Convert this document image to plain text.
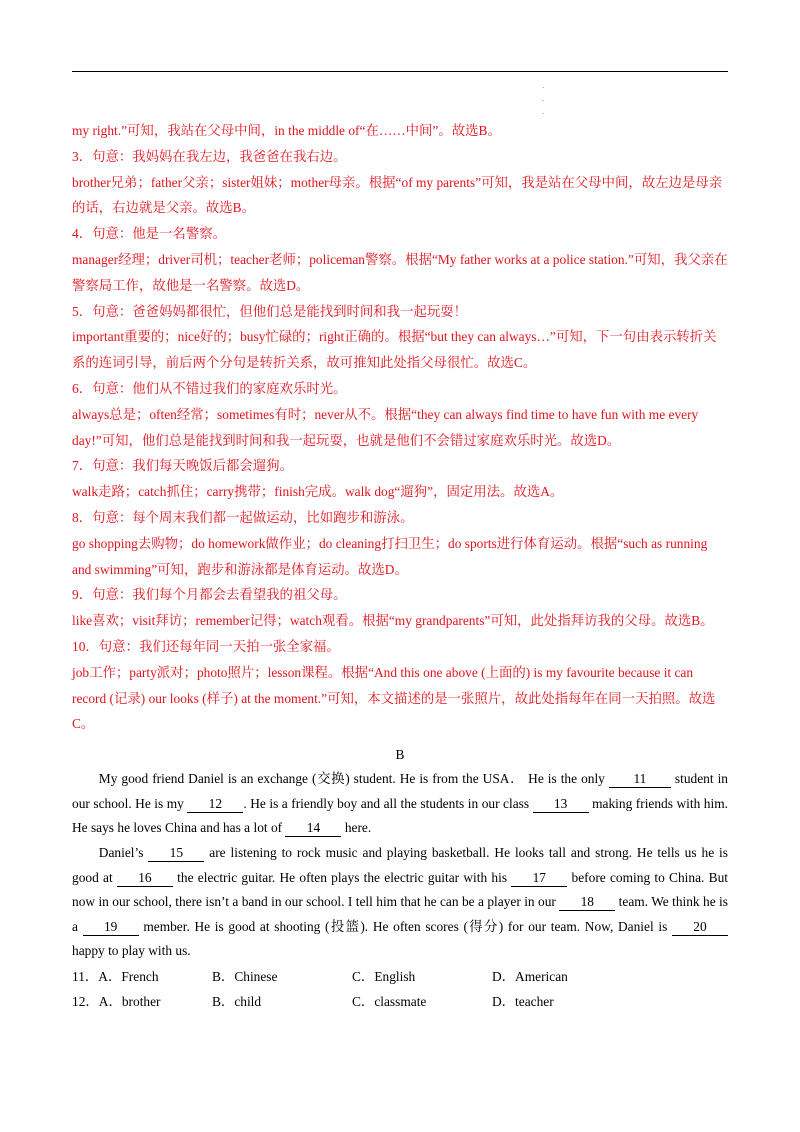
·
·
·

my right.”可知，我站在父母中间，in the middle of“在……中间”。故选B。

3．句意：我妈妈在我左边，我爸爸在我右边。

brother兄弟；father父亲；sister姐妹；mother母亲。根据“of my parents”可知，我是站在父母中间，故左边是母亲的话，右边就是父亲。故选B。

4．句意：他是一名警察。

manager经理；driver司机；teacher老师；policeman警察。根据“My father works at a police station.”可知，我父亲在警察局工作，故他是一名警察。故选D。

5．句意：爸爸妈妈都很忙，但他们总是能找到时间和我一起玩耍！

important重要的；nice好的；busy忙碌的；right正确的。根据“but they can always…”可知，下一句由表示转折关系的连词引导，前后两个分句是转折关系，故可推知此处指父母很忙。故选C。

6．句意：他们从不错过我们的家庭欢乐时光。

always总是；often经常；sometimes有时；never从不。根据“they can always find time to have fun with me every day!”可知，他们总是能找到时间和我一起玩耍，也就是他们不会错过家庭欢乐时光。故选D。

7．句意：我们每天晚饭后都会遛狗。

walk走路；catch抓住；carry携带；finish完成。walk dog“遛狗”，固定用法。故选A。

8．句意：每个周末我们都一起做运动，比如跑步和游泳。

go shopping去购物；do homework做作业；do cleaning打扫卫生；do sports进行体育运动。根据“such as running and swimming”可知，跑步和游泳都是体育运动。故选D。

9．句意：我们每个月都会去看望我的祖父母。

like喜欢；visit拜访；remember记得；watch观看。根据“my grandparents”可知，此处指拜访我的父母。故选B。

10．句意：我们还每年同一天拍一张全家福。

job工作；party派对；photo照片；lesson课程。根据“And this one above (上面的) is my favourite because it can record (记录) our looks (样子) at the moment.”可知，本文描述的是一张照片，故此处指每年在同一天拍照。故选C。

B

My good friend Daniel is an exchange (交换) student. He is from the USA． He is the only 11 student in our school. He is my 12 . He is a friendly boy and all the students in our class 13 making friends with him. He says he loves China and has a lot of 14 here.

Daniel’s 15 are listening to rock music and playing basketball. He looks tall and strong. He tells us he is good at 16 the electric guitar. He often plays the electric guitar with his 17 before coming to China. But now in our school, there isn’t a band in our school. I tell him that he can be a player in our 18 team. We think he is a 19 member. He is good at shooting (投篮). He often scores (得分) for our team. Now, Daniel is 20 happy to play with us.

11．A．French	B．Chinese	C．English	D．American
12．A．brother	B．child	C．classmate	D．teacher
